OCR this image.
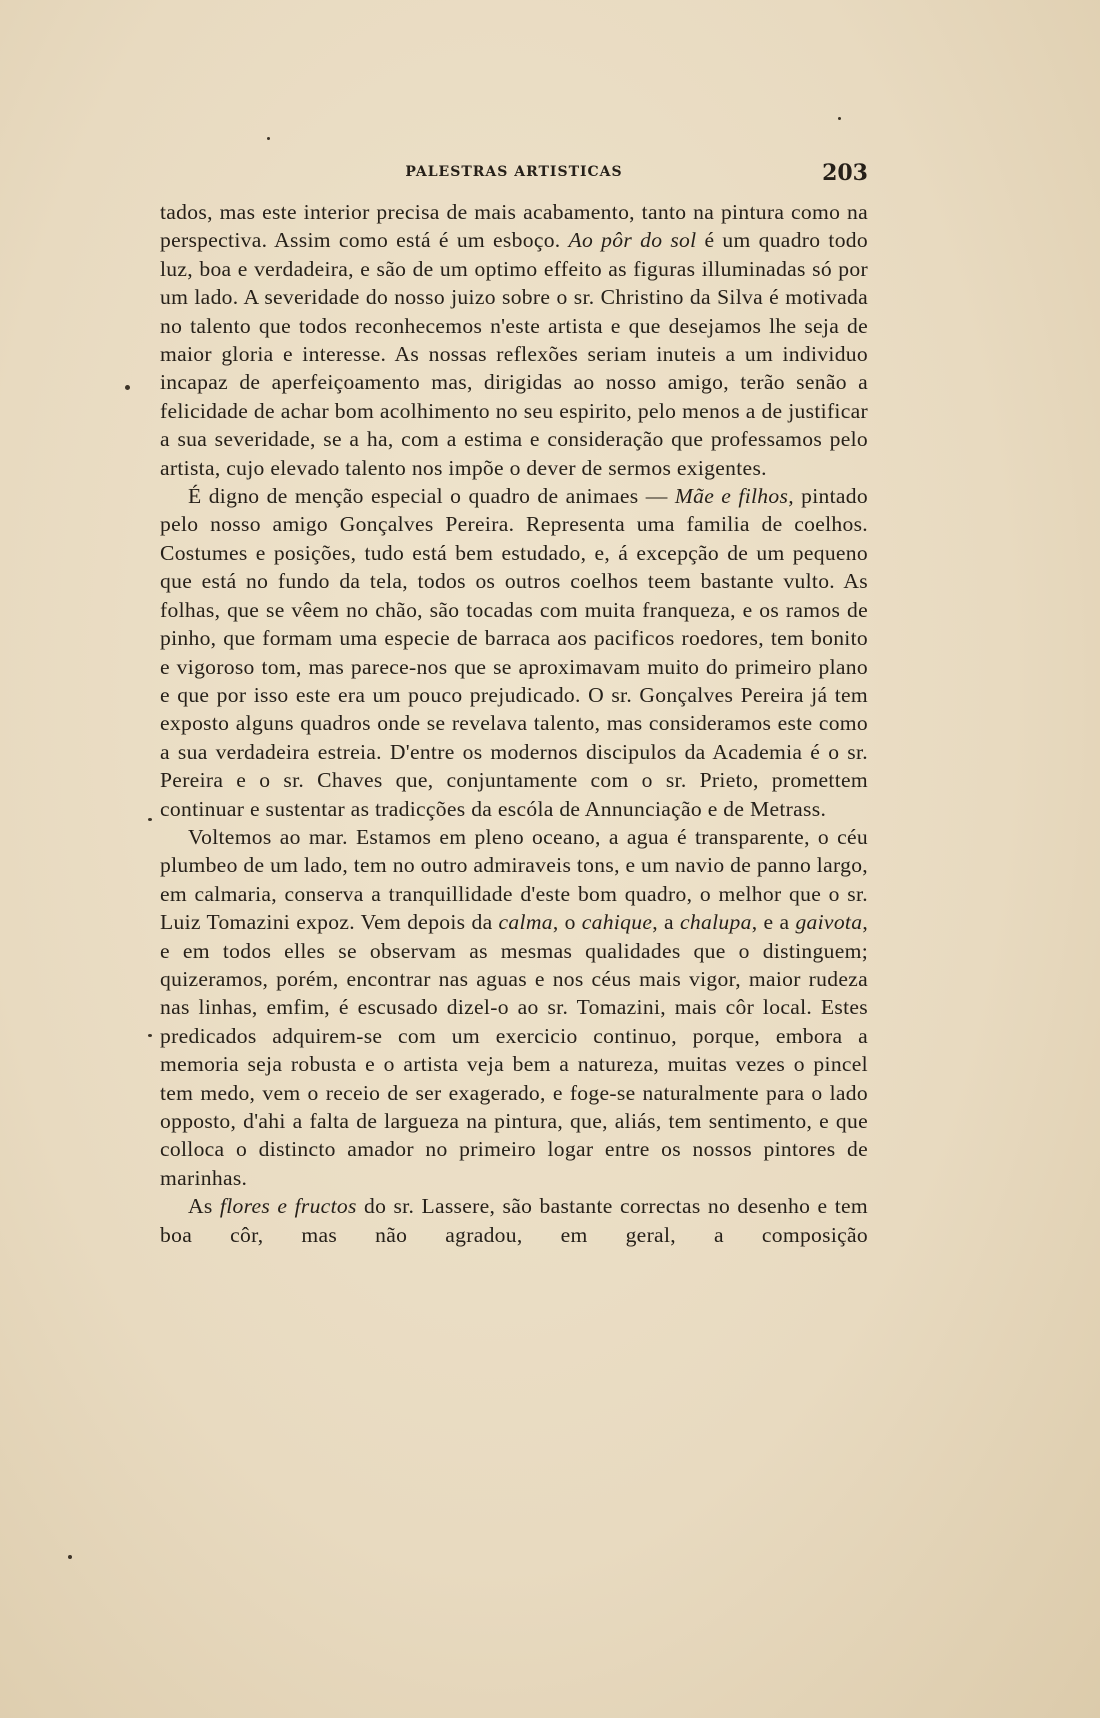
PALESTRAS ARTISTICAS	203

tados, mas este interior precisa de mais acabamento, tanto na pintura como na perspectiva. Assim como está é um esboço. Ao pôr do sol é um quadro todo luz, boa e verdadeira, e são de um optimo effeito as figuras illuminadas só por um lado. A severidade do nosso juizo sobre o sr. Christino da Silva é motivada no talento que todos reconhecemos n'este artista e que desejamos lhe seja de maior gloria e interesse. As nossas reflexões seriam inuteis a um individuo incapaz de aperfeiçoamento mas, dirigidas ao nosso amigo, terão senão a felicidade de achar bom acolhimento no seu espirito, pelo menos a de justificar a sua severidade, se a ha, com a estima e consideração que professamos pelo artista, cujo elevado talento nos impõe o dever de sermos exigentes.

É digno de menção especial o quadro de animaes — Mãe e filhos, pintado pelo nosso amigo Gonçalves Pereira. Representa uma familia de coelhos. Costumes e posições, tudo está bem estudado, e, á excepção de um pequeno que está no fundo da tela, todos os outros coelhos teem bastante vulto. As folhas, que se vêem no chão, são tocadas com muita franqueza, e os ramos de pinho, que formam uma especie de barraca aos pacificos roedores, tem bonito e vigoroso tom, mas parece-nos que se aproximavam muito do primeiro plano e que por isso este era um pouco prejudicado. O sr. Gonçalves Pereira já tem exposto alguns quadros onde se revelava talento, mas consideramos este como a sua verdadeira estreia. D'entre os modernos discipulos da Academia é o sr. Pereira e o sr. Chaves que, conjuntamente com o sr. Prieto, promettem continuar e sustentar as tradicções da escóla de Annunciação e de Metrass.

Voltemos ao mar. Estamos em pleno oceano, a agua é transparente, o céu plumbeo de um lado, tem no outro admiraveis tons, e um navio de panno largo, em calmaria, conserva a tranquillidade d'este bom quadro, o melhor que o sr. Luiz Tomazini expoz. Vem depois da calma, o cahique, a chalupa, e a gaivota, e em todos elles se observam as mesmas qualidades que o distinguem; quizeramos, porém, encontrar nas aguas e nos céus mais vigor, maior rudeza nas linhas, emfim, é escusado dizel-o ao sr. Tomazini, mais côr local. Estes predicados adquirem-se com um exercicio continuo, porque, embora a memoria seja robusta e o artista veja bem a natureza, muitas vezes o pincel tem medo, vem o receio de ser exagerado, e foge-se naturalmente para o lado opposto, d'ahi a falta de largueza na pintura, que, aliás, tem sentimento, e que colloca o distincto amador no primeiro logar entre os nossos pintores de marinhas.

As flores e fructos do sr. Lassere, são bastante correctas no desenho e tem boa côr, mas não agradou, em geral, a composição
